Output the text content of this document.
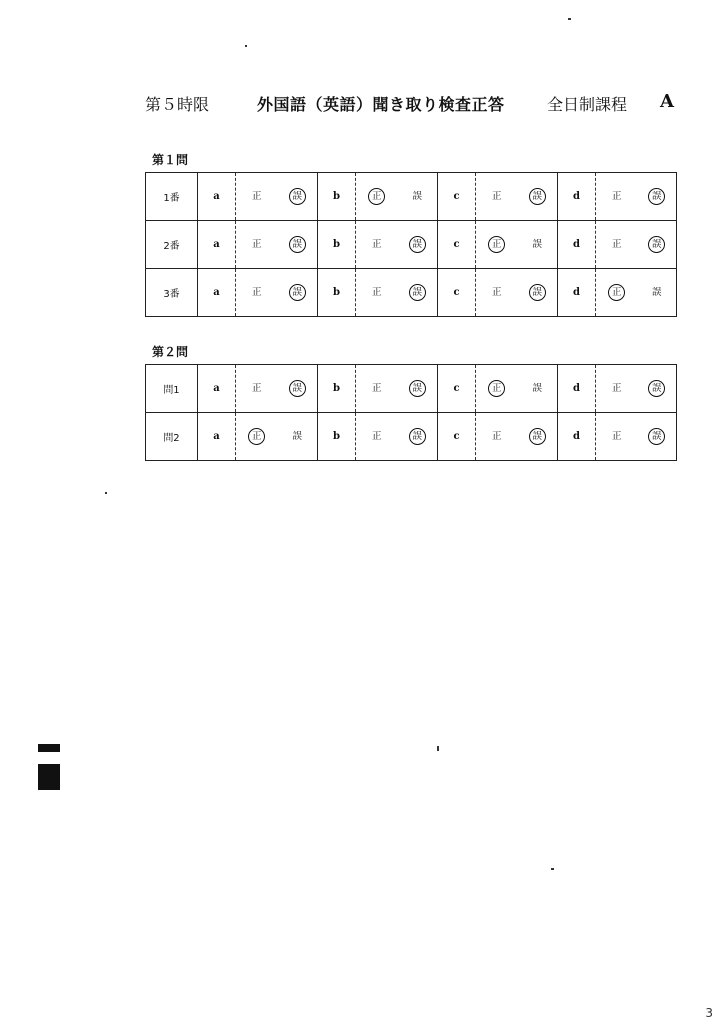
第５時限	外国語（英語）聞き取り検査正答	全日制課程 A
第１問
1番	a	正	誤	b	正	誤	c	正	誤	d	正	誤
2番	a	正	誤	b	正	誤	c	正	誤	d	正	誤
3番	a	正	誤	b	正	誤	c	正	誤	d	正	誤
第２問
問1	a	正	誤	b	正	誤	c	正	誤	d	正	誤
問2	a	正	誤	b	正	誤	c	正	誤	d	正	誤
3
